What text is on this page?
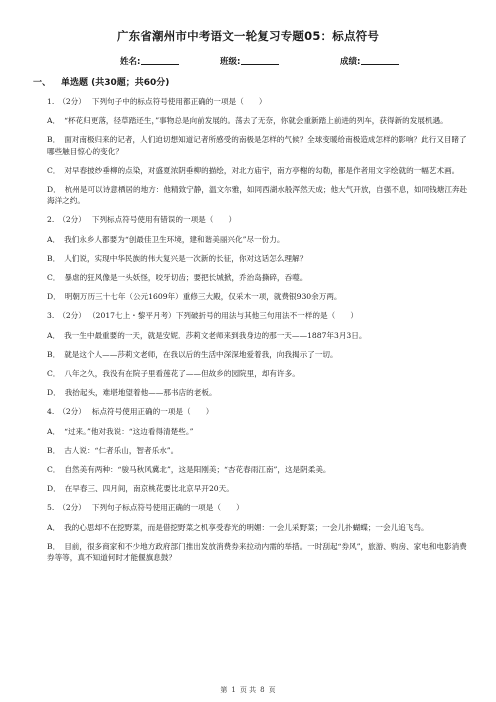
广东省潮州市中考语文一轮复习专题05：标点符号
姓名:	班级:	成绩:
一、 单选题 (共30题；共60分)
1. （2分） 下列句子中的标点符号使用都正确的一项是（　　）
A． “杯花归更落，径草踏还生，”事物总是向前发展的。荡去了无奈，你就会重新踏上前进的列车，获得新的发展机遇。
B． 面对南极归来的记者，人们迫切想知道记者所感受的南极是怎样的气候？全球变暖给南极造成怎样的影响？此行又目睹了哪些触目惊心的变化？
C． 对早春披纱垂柳的点染，对盛夏浓阴垂柳的描绘，对北方庙宇，南方亭榭的勾勒，都是作者用文字绘就的一幅艺术画。
D． 杭州是可以诗意栖居的地方：他精致宁静，温文尔雅，如同西湖水般浑然天成；他大气开放，自强不息，如同钱塘江奔赴海洋之约。
2. （2分） 下列标点符号使用有错误的一项是（　　）
A． 我们永乡人都要为“创最佳卫生环境，建和谐美丽兴化”尽一份力。
B． 人们说，实现中华民族的伟大复兴是一次新的长征，你对这话怎么理解？
C． 暴虐的狂风像是一头妖怪，咬牙切齿；要把长城掀，乔治岛撕碎，吞噬。
D． 明朝万历三十七年（公元1609年）重修三大殿，仅采木一项，就费银930余万两。
3. （2分） （2017七上・黎平月考）下列破折号的用法与其他三句用法不一样的是（　　）
A． 我一生中最重要的一天，就是安妮．莎莉文老师来到我身边的那一天——1887年3月3日。
B． 就是这个人——莎莉文老师，在我以后的生活中深深地爱着我，向我揭示了一切。
C． 八年之久，我没有在院子里看莲花了——但故乡的园院里，却有许多。
D． 我抬起头，难堪地望着他——那书店的老板。
4. （2分） 标点符号使用正确的一项是（　　）
A． “过来。”他对我说：“这边看得清楚些。”
B． 古人说：“仁者乐山，智者乐水”。
C． 自然美有两种：“骏马秋风冀北”，这是阳刚美；“杏花春雨江南”，这是阴柔美。
D． 在早春三、四月间，南京桃花要比北京早开20天。
5. （2分） 下列句子标点符号使用正确的一项是（　　）
A． 我的心思却不在挖野菜，而是借挖野菜之机享受春光的明媚：一会儿采野菜；一会儿扑蝴蝶；一会儿追飞鸟。
B． 目前，很多商家和不少地方政府部门推出发放消费券来拉动内需的举措。一时刮起“券风”，旅游、购房、家电和电影消费券等等，真不知道何时才能偃旗息鼓？
第 1 页 共 8 页
